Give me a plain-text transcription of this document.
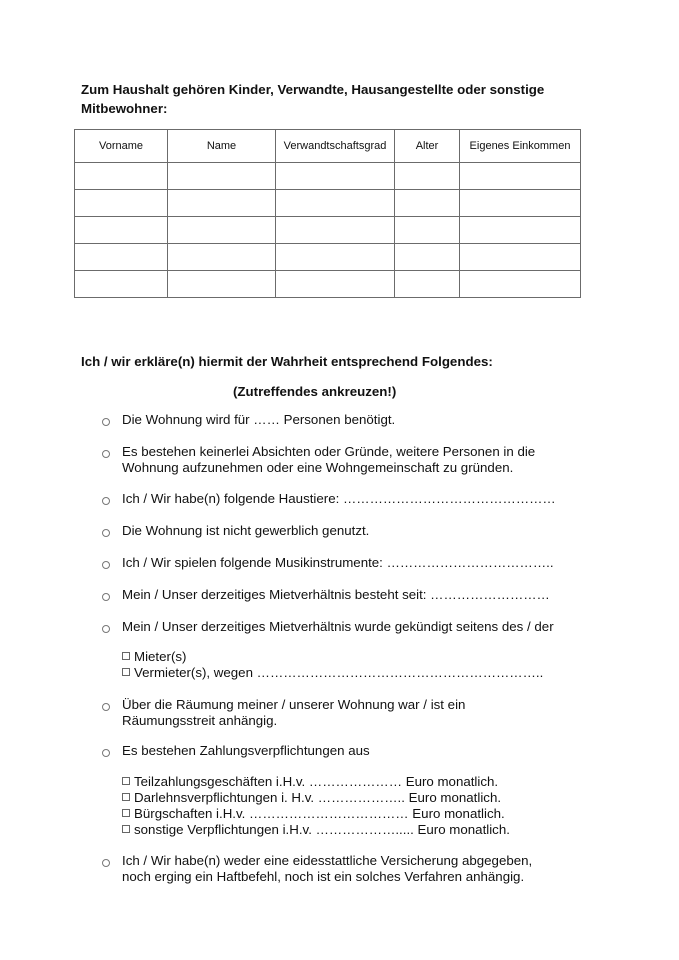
Zum Haushalt gehören Kinder, Verwandte, Hausangestellte oder sonstige
Mitbewohner:
Vorname	Name	Verwandtschaftsgrad	Alter	Eigenes Einkommen

Ich / wir erkläre(n) hiermit der Wahrheit entsprechend Folgendes:
(Zutreffendes ankreuzen!)
Die Wohnung wird für …… Personen benötigt.
Es bestehen keinerlei Absichten oder Gründe, weitere Personen in die
Wohnung aufzunehmen oder eine Wohngemeinschaft zu gründen.
Ich / Wir habe(n) folgende Haustiere: …………………………………………
Die Wohnung ist nicht gewerblich genutzt.
Ich / Wir spielen folgende Musikinstrumente: ………………………………..
Mein / Unser derzeitiges Mietverhältnis besteht seit: ………………………
Mein / Unser derzeitiges Mietverhältnis wurde gekündigt seitens des / der
Mieter(s)
Vermieter(s), wegen ………………………………………………………..
Über die Räumung meiner / unserer Wohnung war / ist ein
Räumungsstreit anhängig.
Es bestehen Zahlungsverpflichtungen aus
Teilzahlungsgeschäften i.H.v. ………………… Euro monatlich.
Darlehnsverpflichtungen i. H.v. ……………….. Euro monatlich.
Bürgschaften i.H.v. ……………………………… Euro monatlich.
sonstige Verpflichtungen i.H.v. ………………..... Euro monatlich.
Ich / Wir habe(n) weder eine eidesstattliche Versicherung abgegeben,
noch erging ein Haftbefehl, noch ist ein solches Verfahren anhängig.
